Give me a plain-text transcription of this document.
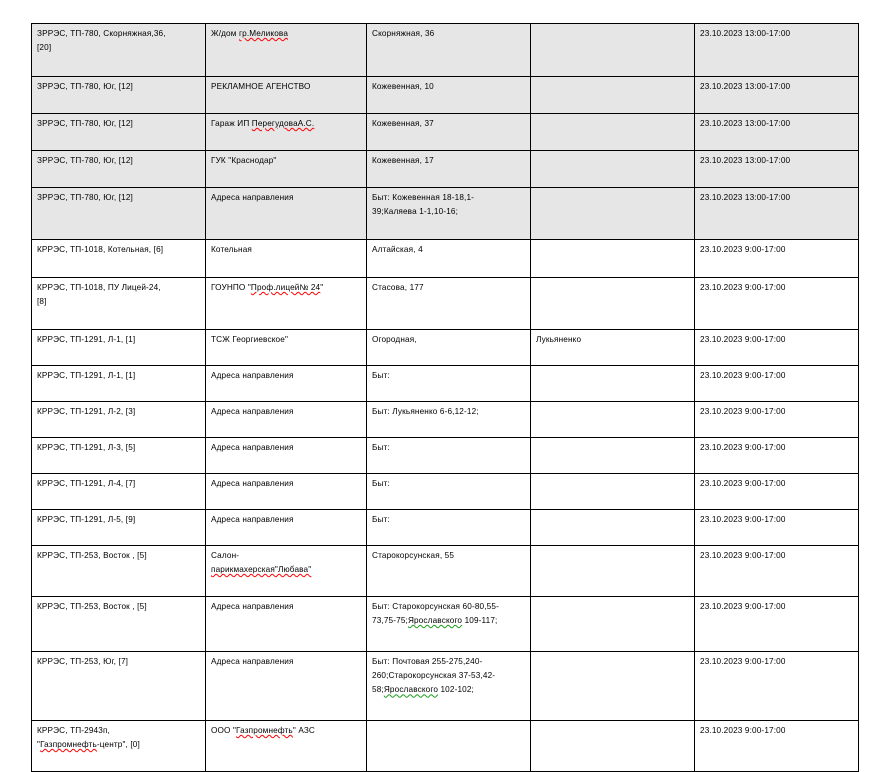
ЗРРЭС, ТП-780, Скорняжная,36,
[20]	Ж/дом гр.Меликова	Скорняжная, 36		23.10.2023 13:00-17:00
ЗРРЭС, ТП-780, Юг, [12]	РЕКЛАМНОЕ АГЕНСТВО	Кожевенная, 10		23.10.2023 13:00-17:00
ЗРРЭС, ТП-780, Юг, [12]	Гараж ИП ПерегудоваА.С.	Кожевенная, 37		23.10.2023 13:00-17:00
ЗРРЭС, ТП-780, Юг, [12]	ГУК "Краснодар"	Кожевенная, 17		23.10.2023 13:00-17:00
ЗРРЭС, ТП-780, Юг, [12]	Адреса направления	Быт: Кожевенная 18-18,1-
39;Каляева 1-1,10-16;		23.10.2023 13:00-17:00
КРРЭС, ТП-1018, Котельная, [6]	Котельная	Алтайская, 4		23.10.2023 9:00-17:00

КРРЭС, ТП-1018, ПУ Лицей-24,
[8]	ГОУНПО "Проф.лицей№ 24"	Стасова, 177		23.10.2023 9:00-17:00
КРРЭС, ТП-1291, Л-1, [1]	ТСЖ Георгиевское"	Огородная,	Лукьяненко	23.10.2023 9:00-17:00
КРРЭС, ТП-1291, Л-1, [1]	Адреса направления	Быт:		23.10.2023 9:00-17:00
КРРЭС, ТП-1291, Л-2, [3]	Адреса направления	Быт: Лукьяненко 6-6,12-12;		23.10.2023 9:00-17:00
КРРЭС, ТП-1291, Л-3, [5]	Адреса направления	Быт:		23.10.2023 9:00-17:00
КРРЭС, ТП-1291, Л-4, [7]	Адреса направления	Быт:		23.10.2023 9:00-17:00
КРРЭС, ТП-1291, Л-5, [9]	Адреса направления	Быт:		23.10.2023 9:00-17:00
КРРЭС, ТП-253, Восток , [5]	Салон-
парикмахерская"Любава"	Старокорсунская, 55		23.10.2023 9:00-17:00
КРРЭС, ТП-253, Восток , [5]	Адреса направления	Быт: Старокорсунская 60-80,55-
73,75-75;Ярославского 109-117;		23.10.2023 9:00-17:00
КРРЭС, ТП-253, Юг, [7]	Адреса направления	Быт: Почтовая 255-275,240-
260;Старокорсунская 37-53,42-
58;Ярославского 102-102;		23.10.2023 9:00-17:00

КРРЭС, ТП-2943п,
"Газпромнефть-центр", [0]	ООО "Газпромнефть" АЗС			23.10.2023 9:00-17:00
